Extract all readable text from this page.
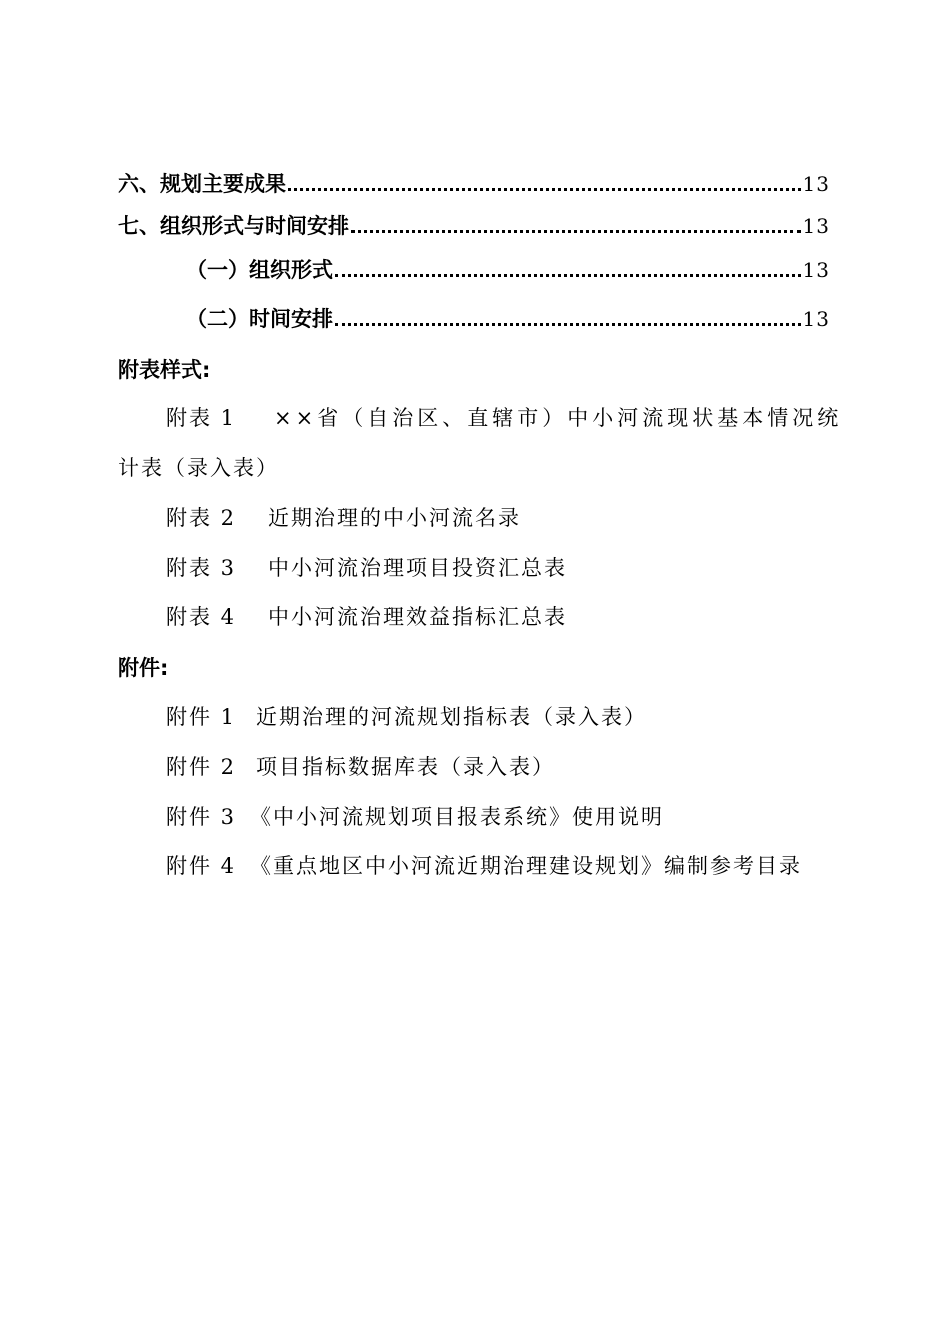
六、规划主要成果	13
七、组织形式与时间安排	13
（一）组织形式	13
（二）时间安排	13
附表样式:
附表 1 ××省（自治区、直辖市）中小河流现状基本情况统
计表（录入表）
附表 2 近期治理的中小河流名录
附表 3 中小河流治理项目投资汇总表
附表 4 中小河流治理效益指标汇总表
附件:
附件 1 近期治理的河流规划指标表（录入表）
附件 2 项目指标数据库表（录入表）
附件 3 《中小河流规划项目报表系统》使用说明
附件 4 《重点地区中小河流近期治理建设规划》编制参考目录
